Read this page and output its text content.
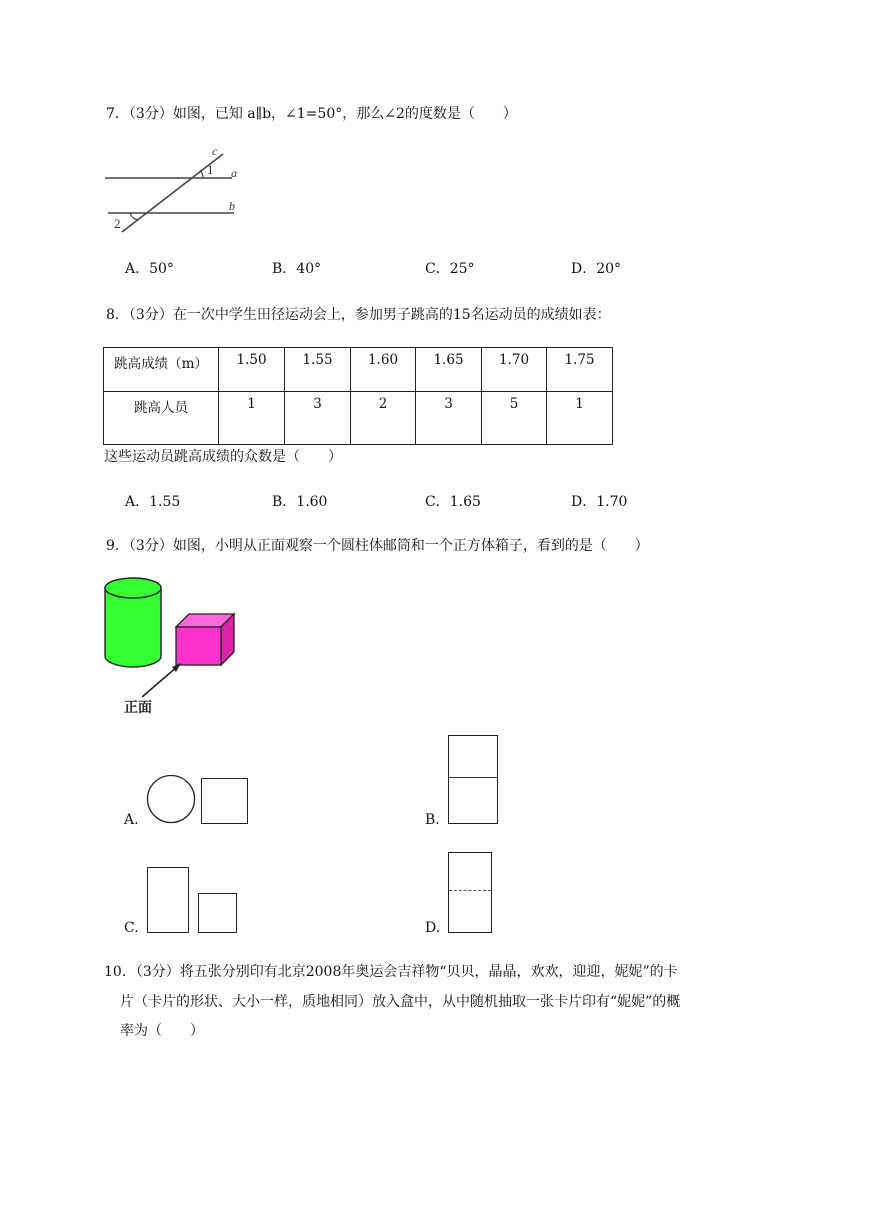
7．（3分）如图，已知 a∥b，∠1=50°，那么∠2的度数是（　　）
c
1 a
b
2
A．50°	B．40°	C．25°	D．20°
8．（3分）在一次中学生田径运动会上，参加男子跳高的15名运动员的成绩如表：
跳高成绩（m）	1.50	1.55	1.60	1.65	1.70	1.75
跳高人员	1	3	2	3	5	1
这些运动员跳高成绩的众数是（　　）
A．1.55	B．1.60	C．1.65	D．1.70
9．（3分）如图，小明从正面观察一个圆柱体邮筒和一个正方体箱子，看到的是（　　）
正面
A.	B.
C.	D.
10．（3分）将五张分别印有北京2008年奥运会吉祥物“贝贝，晶晶，欢欢，迎迎，妮妮”的卡
片（卡片的形状、大小一样，质地相同）放入盒中，从中随机抽取一张卡片印有“妮妮”的概
率为（　　）
